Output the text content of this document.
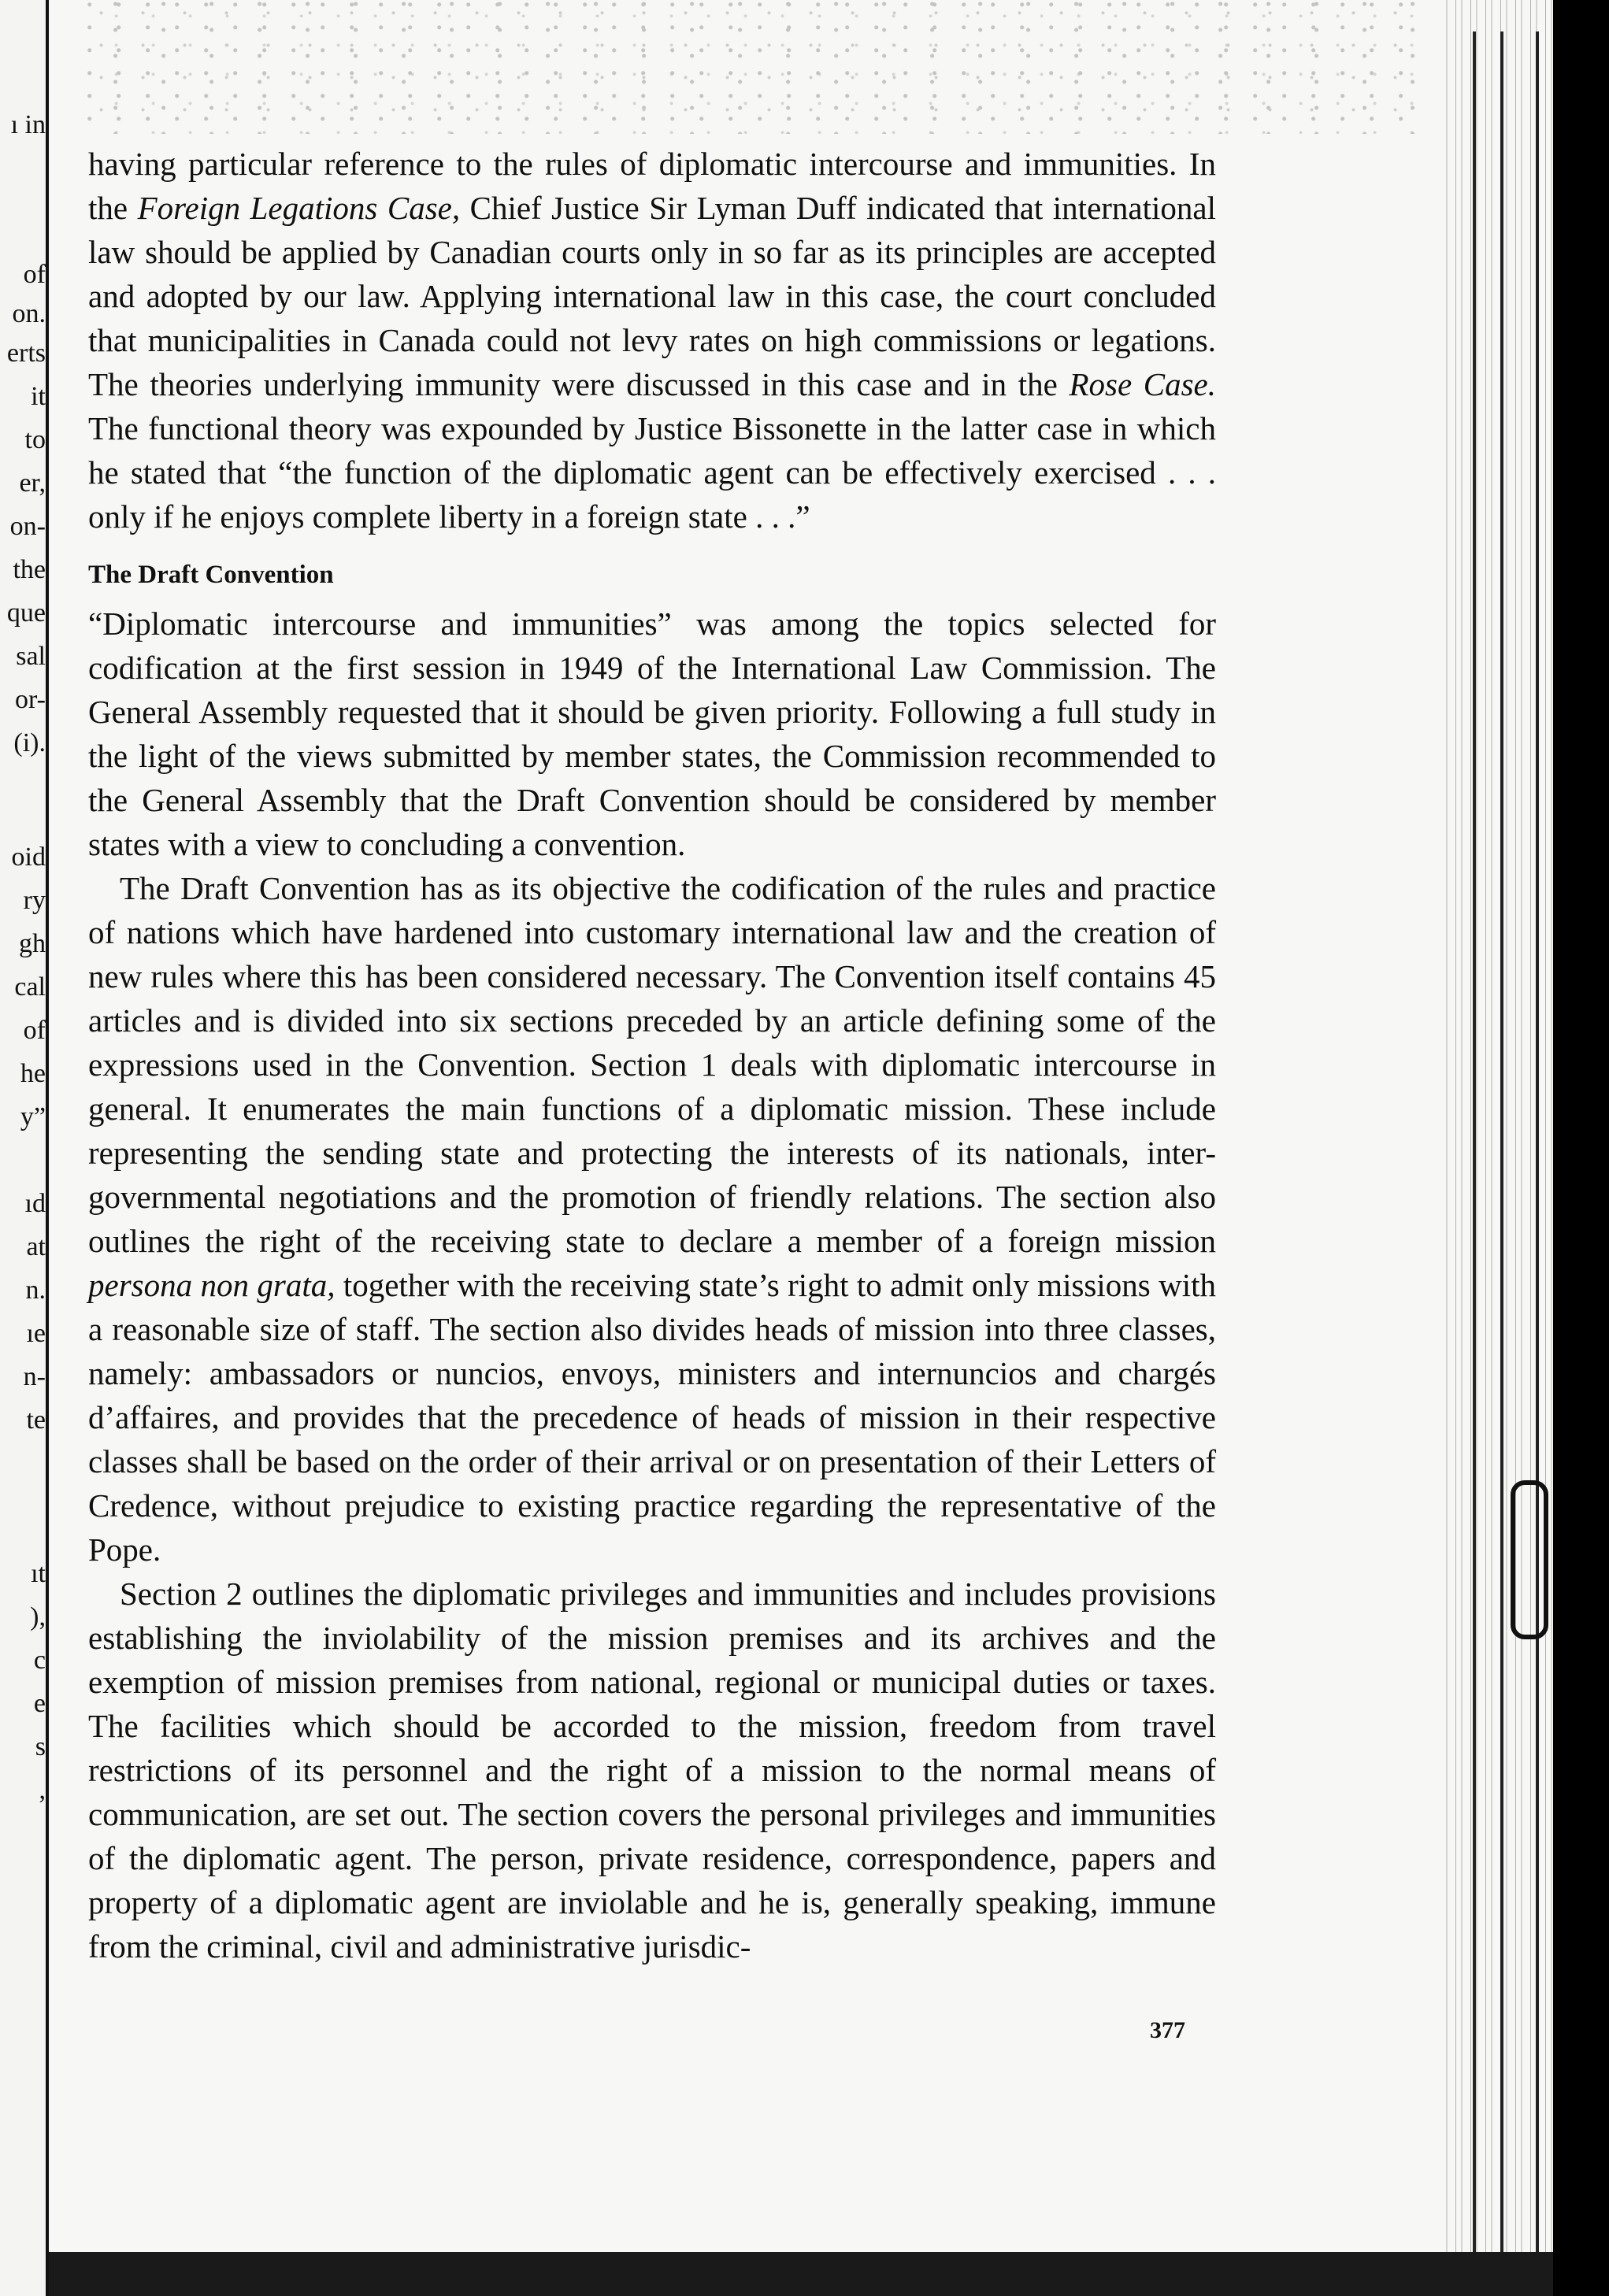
ı in
of
on.
erts
it
to
er,
on-
the
que
sal
or-
(i).
oid
ry
gh
cal
of
he
y”
ıd
at
n.
ıe
n-
te
ıt
),
c
e
s
,

having particular reference to the rules of diplomatic intercourse and immunities. In the Foreign Legations Case, Chief Justice Sir Lyman Duff indicated that international law should be applied by Canadian courts only in so far as its principles are accepted and adopted by our law. Applying international law in this case, the court concluded that municipalities in Canada could not levy rates on high commissions or legations. The theories underlying immunity were discussed in this case and in the Rose Case. The functional theory was expounded by Justice Bissonette in the latter case in which he stated that “the function of the diplomatic agent can be effectively exercised . . . only if he enjoys complete liberty in a foreign state . . .”

The Draft Convention

“Diplomatic intercourse and immunities” was among the topics selected for codification at the first session in 1949 of the International Law Commission. The General Assembly requested that it should be given priority. Following a full study in the light of the views submitted by member states, the Commission recommended to the General Assembly that the Draft Convention should be considered by member states with a view to concluding a convention.

The Draft Convention has as its objective the codification of the rules and practice of nations which have hardened into customary international law and the creation of new rules where this has been considered necessary. The Convention itself contains 45 articles and is divided into six sections preceded by an article defining some of the expressions used in the Convention. Section 1 deals with diplomatic intercourse in general. It enumerates the main functions of a diplomatic mission. These include representing the sending state and protecting the interests of its nationals, inter-governmental negotiations and the promotion of friendly relations. The section also outlines the right of the receiving state to declare a member of a foreign mission persona non grata, together with the receiving state’s right to admit only missions with a reasonable size of staff. The section also divides heads of mission into three classes, namely: ambassadors or nuncios, envoys, ministers and internuncios and chargés d’affaires, and provides that the precedence of heads of mission in their respective classes shall be based on the order of their arrival or on presentation of their Letters of Credence, without prejudice to existing practice regarding the representative of the Pope.

Section 2 outlines the diplomatic privileges and immunities and includes provisions establishing the inviolability of the mission premises and its archives and the exemption of mission premises from national, regional or municipal duties or taxes. The facilities which should be accorded to the mission, freedom from travel restrictions of its personnel and the right of a mission to the normal means of communication, are set out. The section covers the personal privileges and immunities of the diplomatic agent. The person, private residence, correspondence, papers and property of a diplomatic agent are inviolable and he is, generally speaking, immune from the criminal, civil and administrative jurisdic-

377
